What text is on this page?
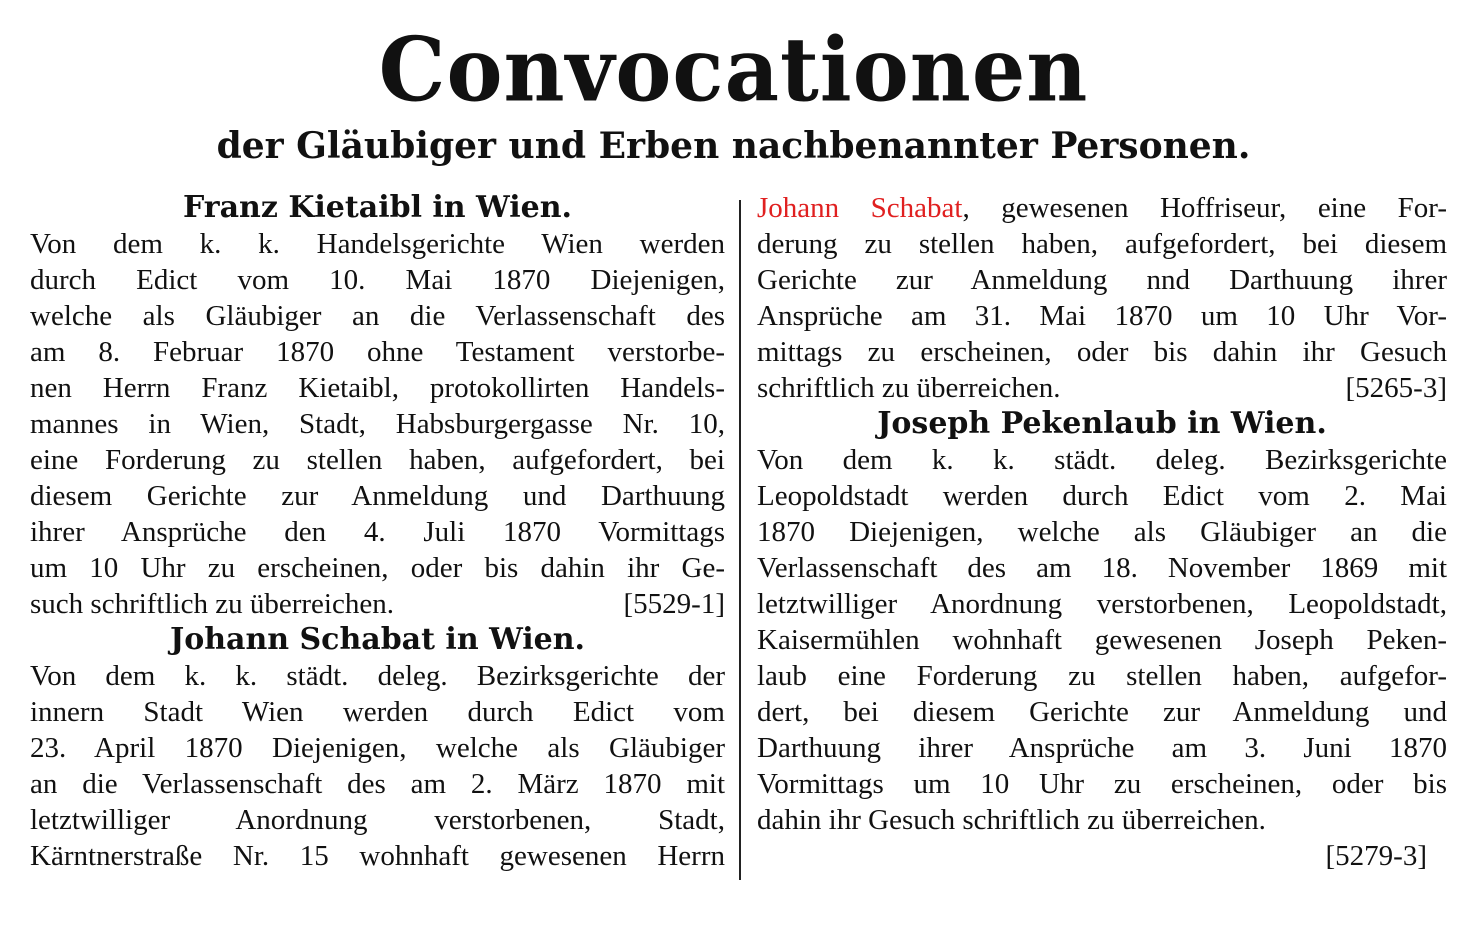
Convocationen
der Gläubiger und Erben nachbenannter Personen.
Franz Kietaibl in Wien.
Von dem k. k. Handelsgerichte Wien werden
durch Edict vom 10. Mai 1870 Diejenigen,
welche als Gläubiger an die Verlassenschaft des
am 8. Februar 1870 ohne Testament verstorbe-
nen Herrn Franz Kietaibl, protokollirten Handels-
mannes in Wien, Stadt, Habsburgergasse Nr. 10,
eine Forderung zu stellen haben, aufgefordert, bei
diesem Gerichte zur Anmeldung und Darthuung
ihrer Ansprüche den 4. Juli 1870 Vormittags
um 10 Uhr zu erscheinen, oder bis dahin ihr Ge-
such schriftlich zu überreichen.	[5529-1]
Johann Schabat in Wien.
Von dem k. k. städt. deleg. Bezirksgerichte der
innern Stadt Wien werden durch Edict vom
23. April 1870 Diejenigen, welche als Gläubiger
an die Verlassenschaft des am 2. März 1870 mit
letztwilliger Anordnung verstorbenen, Stadt,
Kärntnerstraße Nr. 15 wohnhaft gewesenen Herrn
Johann Schabat, gewesenen Hoffriseur, eine For-
derung zu stellen haben, aufgefordert, bei diesem
Gerichte zur Anmeldung nnd Darthuung ihrer
Ansprüche am 31. Mai 1870 um 10 Uhr Vor-
mittags zu erscheinen, oder bis dahin ihr Gesuch
schriftlich zu überreichen.	[5265-3]
Joseph Pekenlaub in Wien.
Von dem k. k. städt. deleg. Bezirksgerichte
Leopoldstadt werden durch Edict vom 2. Mai
1870 Diejenigen, welche als Gläubiger an die
Verlassenschaft des am 18. November 1869 mit
letztwilliger Anordnung verstorbenen, Leopoldstadt,
Kaisermühlen wohnhaft gewesenen Joseph Peken-
laub eine Forderung zu stellen haben, aufgefor-
dert, bei diesem Gerichte zur Anmeldung und
Darthuung ihrer Ansprüche am 3. Juni 1870
Vormittags um 10 Uhr zu erscheinen, oder bis
dahin ihr Gesuch schriftlich zu überreichen.
[5279-3]
